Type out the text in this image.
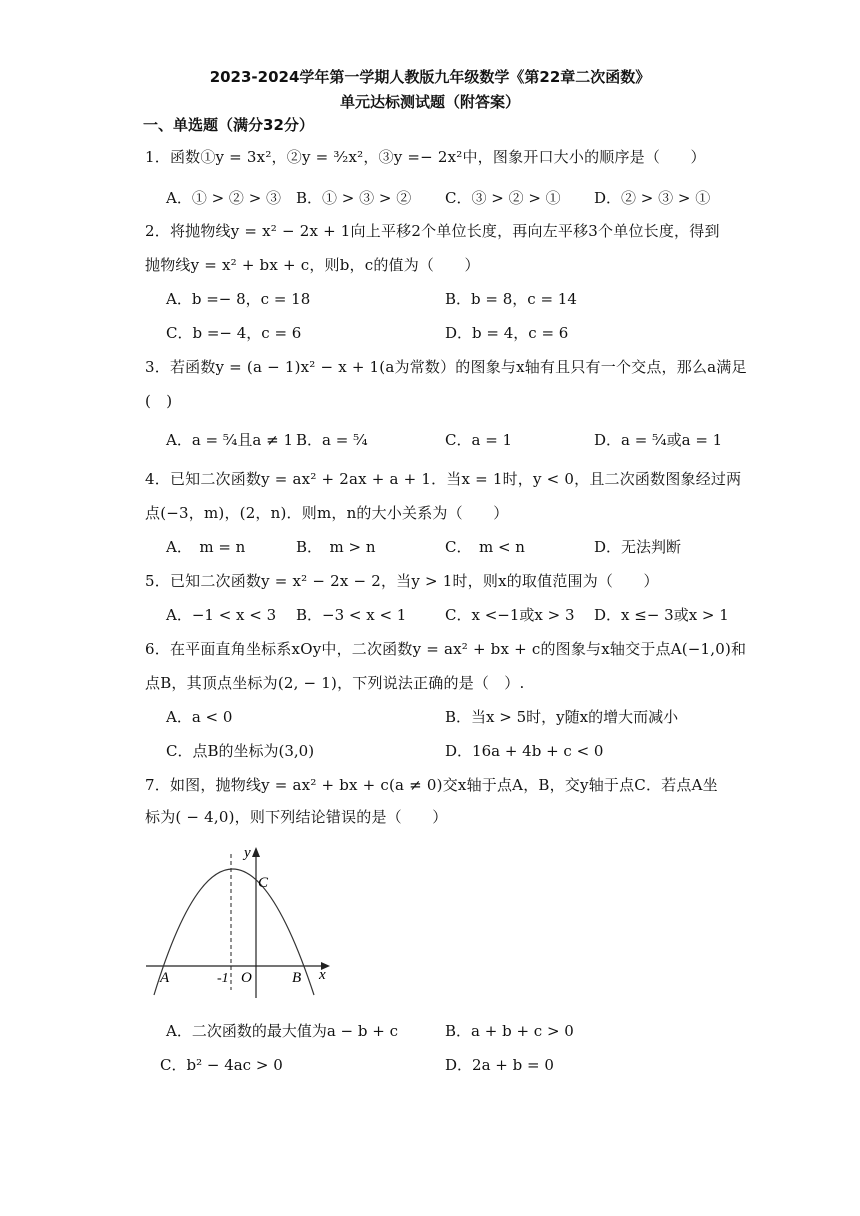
2023-2024学年第一学期人教版九年级数学《第22章二次函数》
单元达标测试题（附答案）
一、单选题（满分32分）
1．函数①y = 3x²，②y = ³⁄₂x²，③y =− 2x²中，图象开口大小的顺序是（　　）
A．① > ② > ③ B．① > ③ > ② C．③ > ② > ① D．② > ③ > ①
2．将抛物线y = x² − 2x + 1向上平移2个单位长度，再向左平移3个单位长度，得到
抛物线y = x² + bx + c，则b，c的值为（　　）
A．b =− 8，c = 18	B．b = 8，c = 14
C．b =− 4，c = 6	D．b = 4，c = 6
3．若函数y = (a − 1)x² − x + 1(a为常数）的图象与x轴有且只有一个交点，那么a满足
(　)
A．a = ⁵⁄₄且a ≠ 1 B．a = ⁵⁄₄	C．a = 1	D．a = ⁵⁄₄或a = 1
4．已知二次函数y = ax² + 2ax + a + 1．当x = 1时，y < 0，且二次函数图象经过两
点(−3，m)，(2，n)．则m，n的大小关系为（　　）
A．　m = n	B．　m > n	C．　m < n	D．无法判断
5．已知二次函数y = x² − 2x − 2，当y > 1时，则x的取值范围为（　　）
A．−1 < x < 3 B．−3 < x < 1	C．x <−1或x > 3 D．x ≤− 3或x > 1
6．在平面直角坐标系xOy中，二次函数y = ax² + bx + c的图象与x轴交于点A(−1,0)和
点B，其顶点坐标为(2, − 1)，下列说法正确的是（　）.
A．a < 0	B．当x > 5时，y随x的增大而减小
C．点B的坐标为(3,0)	D．16a + 4b + c < 0
7．如图，抛物线y = ax² + bx + c(a ≠ 0)交x轴于点A，B，交y轴于点C．若点A坐
标为( − 4,0)，则下列结论错误的是（　　）
y
x
C
A	B
O
-1
A．二次函数的最大值为a − b + c	B．a + b + c > 0
C．b² − 4ac > 0	D．2a + b = 0
